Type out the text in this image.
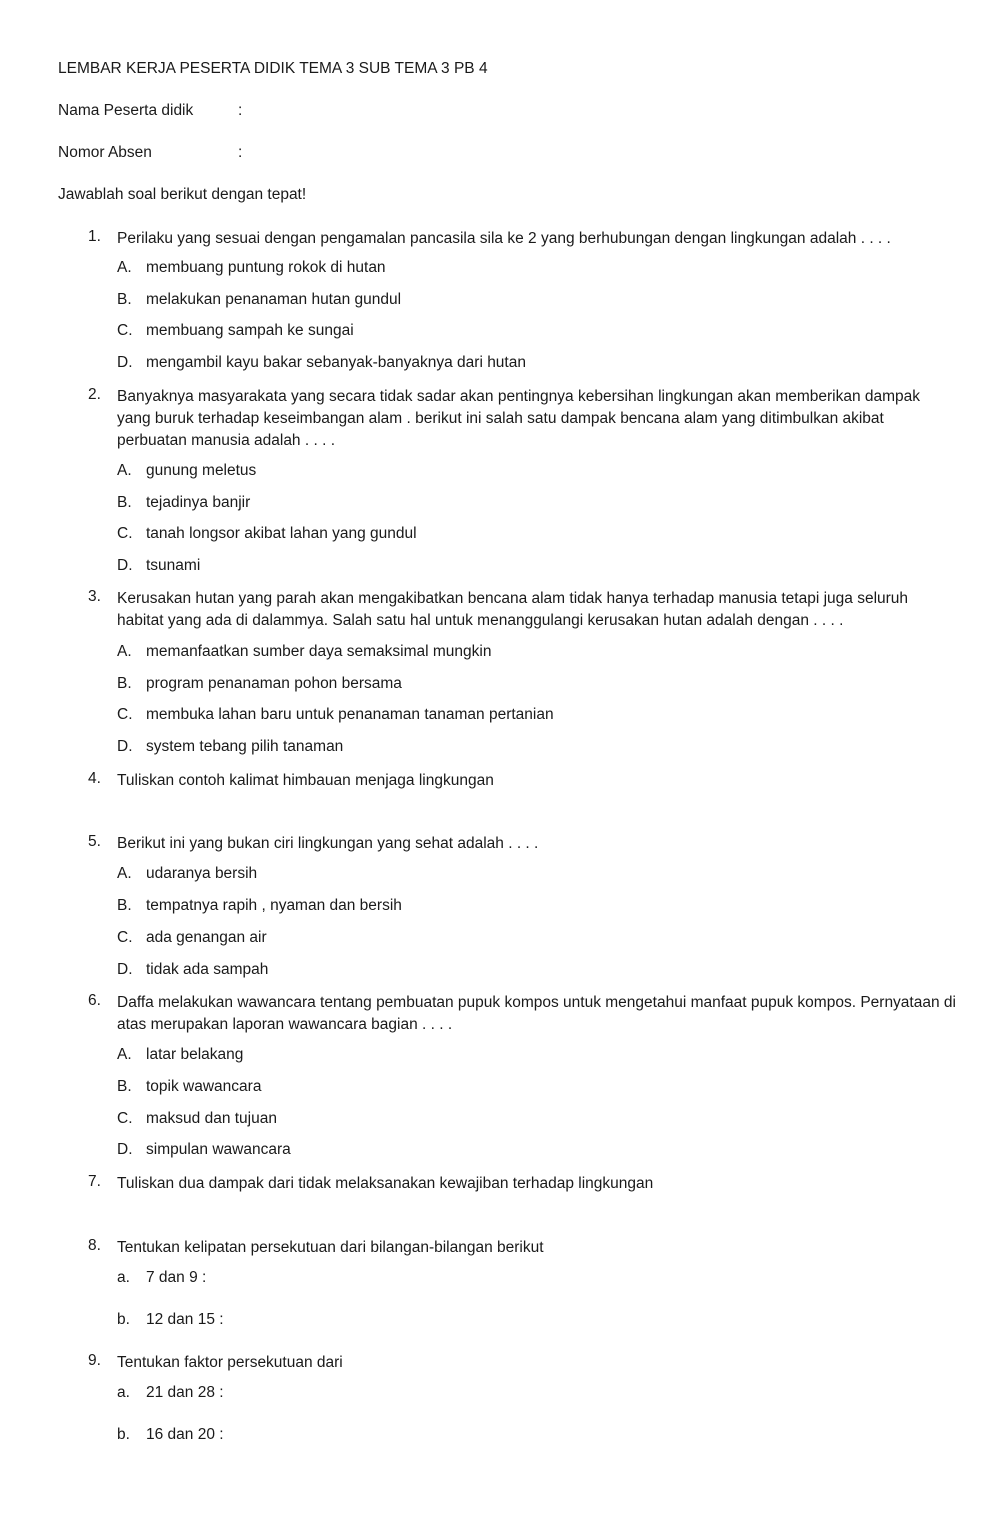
LEMBAR KERJA PESERTA DIDIK TEMA 3 SUB TEMA 3 PB 4
Nama Peserta didik	:
Nomor Absen	:
Jawablah soal berikut dengan tepat!
1. Perilaku yang sesuai dengan pengamalan pancasila sila ke 2 yang berhubungan dengan lingkungan adalah . . . .
A. membuang puntung rokok di hutan
B. melakukan penanaman hutan gundul
C. membuang sampah ke sungai
D. mengambil kayu bakar sebanyak-banyaknya dari hutan
2. Banyaknya masyarakata yang secara tidak sadar akan pentingnya kebersihan lingkungan akan memberikan dampak yang buruk terhadap keseimbangan alam . berikut ini salah satu dampak bencana alam yang ditimbulkan akibat perbuatan manusia adalah . . . .
A. gunung meletus
B. tejadinya banjir
C. tanah longsor akibat lahan yang gundul
D. tsunami
3. Kerusakan hutan yang parah akan mengakibatkan bencana alam tidak hanya terhadap manusia tetapi juga seluruh habitat yang ada di dalammya. Salah satu hal untuk menanggulangi kerusakan hutan adalah dengan . . . .
A. memanfaatkan sumber daya semaksimal mungkin
B. program penanaman pohon bersama
C. membuka lahan baru untuk penanaman tanaman pertanian
D. system tebang pilih tanaman
4. Tuliskan contoh kalimat himbauan menjaga lingkungan
5. Berikut ini yang bukan ciri lingkungan yang sehat adalah . . . .
A. udaranya bersih
B. tempatnya rapih , nyaman dan bersih
C. ada genangan air
D. tidak ada sampah
6. Daffa melakukan wawancara tentang pembuatan pupuk kompos untuk mengetahui manfaat pupuk kompos. Pernyataan di atas merupakan laporan wawancara bagian . . . .
A. latar belakang
B. topik wawancara
C. maksud dan tujuan
D. simpulan wawancara
7. Tuliskan dua dampak dari tidak melaksanakan kewajiban terhadap lingkungan
8. Tentukan kelipatan persekutuan dari bilangan-bilangan berikut
a. 7 dan 9 :
b. 12 dan 15 :
9. Tentukan faktor persekutuan dari
a. 21 dan 28 :
b. 16 dan 20 :
